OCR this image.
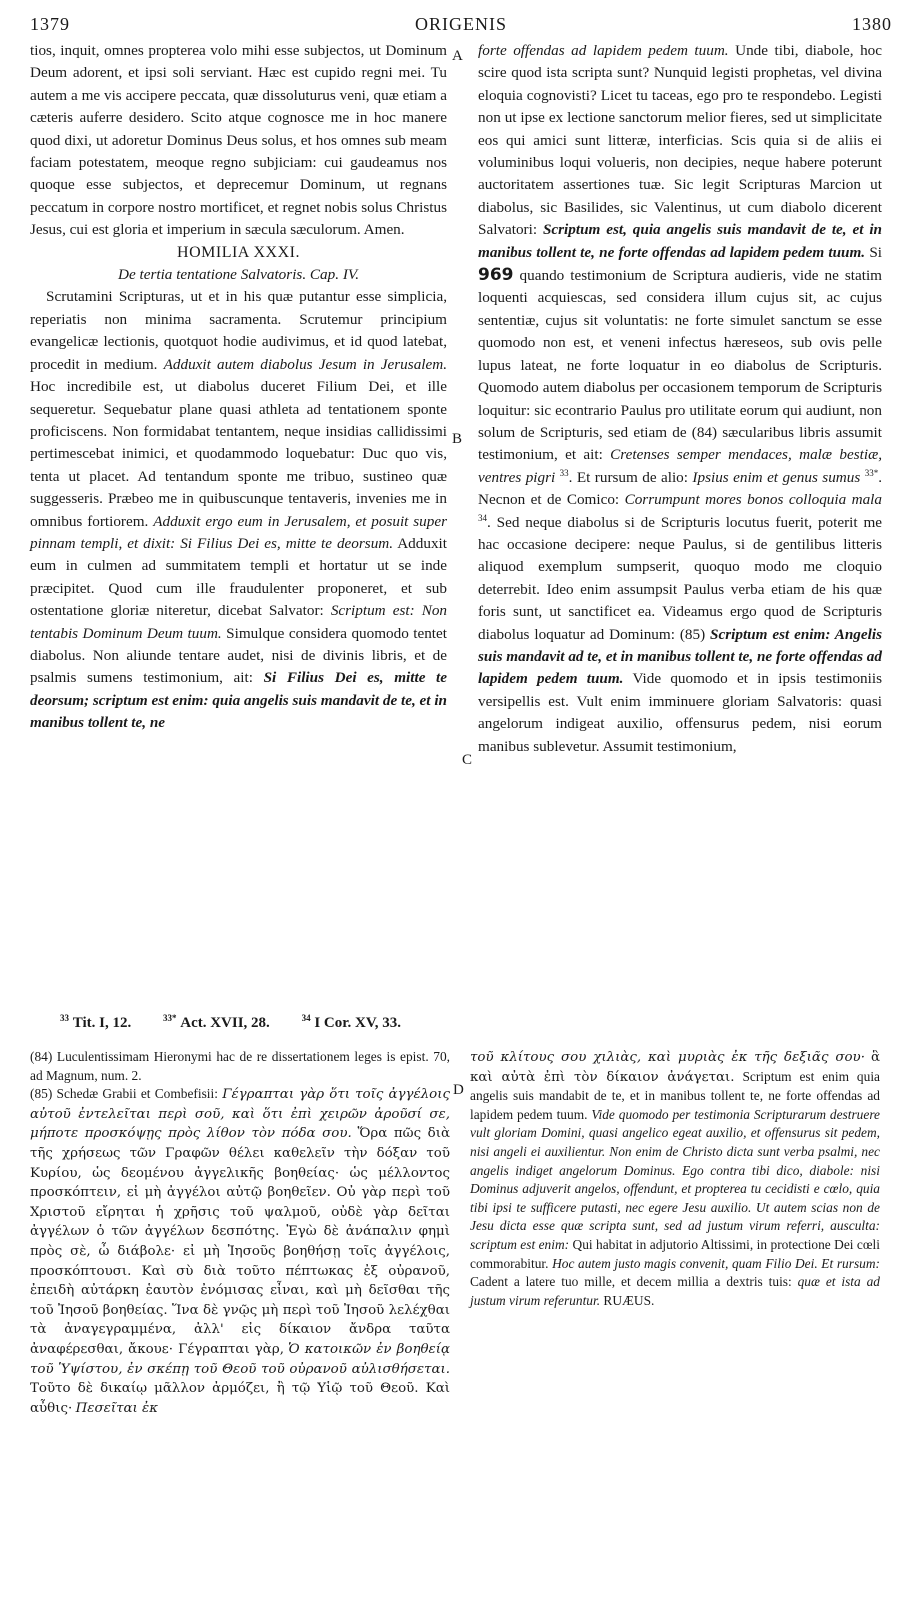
1379	ORIGENIS	1380

tios, inquit, omnes propterea volo mihi esse subjectos, ut Dominum Deum adorent, et ipsi soli serviant. Hæc est cupido regni mei. Tu autem a me vis accipere peccata, quæ dissoluturus veni, quæ etiam a cæteris auferre desidero. Scito atque cognosce me in hoc manere quod dixi, ut adoretur Dominus Deus solus, et hos omnes sub meam faciam potestatem, meoque regno subjiciam: cui gaudeamus nos quoque esse subjectos, et deprecemur Dominum, ut regnans peccatum in corpore nostro mortificet, et regnet nobis solus Christus Jesus, cui est gloria et imperium in sæcula sæculorum. Amen.

HOMILIA XXXI.

De tertia tentatione Salvatoris. Cap. IV.

Scrutamini Scripturas, ut et in his quæ putantur esse simplicia, reperiatis non minima sacramenta. Scrutemur principium evangelicæ lectionis, quotquot hodie audivimus, et id quod latebat, procedit in medium. Adduxit autem diabolus Jesum in Jerusalem. Hoc incredibile est, ut diabolus duceret Filium Dei, et ille sequeretur. Sequebatur plane quasi athleta ad tentationem sponte proficiscens. Non formidabat tentantem, neque insidias callidissimi pertimescebat inimici, et quodammodo loquebatur: Duc quo vis, tenta ut placet. Ad tentandum sponte me tribuo, sustineo quæ suggesseris. Præbeo me in quibuscunque tentaveris, invenies me in omnibus fortiorem. Adduxit ergo eum in Jerusalem, et posuit super pinnam templi, et dixit: Si Filius Dei es, mitte te deorsum. Adduxit eum in culmen ad summitatem templi et hortatur ut se inde præcipitet. Quod cum ille fraudulenter proponeret, et sub ostentatione gloriæ niteretur, dicebat Salvator: Scriptum est: Non tentabis Dominum Deum tuum. Simulque considera quomodo tentet diabolus. Non aliunde tentare audet, nisi de divinis libris, et de psalmis sumens testimonium, ait: Si Filius Dei es, mitte te deorsum; scriptum est enim: quia angelis suis mandavit de te, et in manibus tollent te, ne

A
B
C
D

forte offendas ad lapidem pedem tuum. Unde tibi, diabole, hoc scire quod ista scripta sunt? Nunquid legisti prophetas, vel divina eloquia cognovisti? Licet tu taceas, ego pro te respondebo. Legisti non ut ipse ex lectione sanctorum melior fieres, sed ut simplicitate eos qui amici sunt litteræ, interficias. Scis quia si de aliis ei voluminibus loqui volueris, non decipies, neque habere poterunt auctoritatem assertiones tuæ. Sic legit Scripturas Marcion ut diabolus, sic Basilides, sic Valentinus, ut cum diabolo dicerent Salvatori: Scriptum est, quia angelis suis mandavit de te, et in manibus tollent te, ne forte offendas ad lapidem pedem tuum. Si 969 quando testimonium de Scriptura audieris, vide ne statim loquenti acquiescas, sed considera illum cujus sit, ac cujus sententiæ, cujus sit voluntatis: ne forte simulet sanctum se esse quomodo non est, et veneni infectus hæreseos, sub ovis pelle lupus lateat, ne forte loquatur in eo diabolus de Scripturis. Quomodo autem diabolus per occasionem temporum de Scripturis loquitur: sic econtrario Paulus pro utilitate eorum qui audiunt, non solum de Scripturis, sed etiam de (84) sæcularibus libris assumit testimonium, et ait: Cretenses semper mendaces, malæ bestiæ, ventres pigri $^{33}$. Et rursum de alio: Ipsius enim et genus sumus $^{33*}$. Necnon et de Comico: Corrumpunt mores bonos colloquia mala $^{34}$. Sed neque diabolus si de Scripturis locutus fuerit, poterit me hac occasione decipere: neque Paulus, si de gentilibus litteris aliquod exemplum sumpserit, quoquo modo me cloquio deterrebit. Ideo enim assumpsit Paulus verba etiam de his quæ foris sunt, ut sanctificet ea. Videamus ergo quod de Scripturis diabolus loquatur ad Dominum: (85) Scriptum est enim: Angelis suis mandavit ad te, et in manibus tollent te, ne forte offendas ad lapidem pedem tuum. Vide quomodo et in ipsis testimoniis versipellis est. Vult enim imminuere gloriam Salvatoris: quasi angelorum indigeat auxilio, offensurus pedem, nisi eorum manibus sublevetur. Assumit testimonium,

$^{33}$ Tit. I, 12.	$^{33*}$ Act. XVII, 28.	$^{34}$ I Cor. XV, 33.

(84) Luculentissimam Hieronymi hac de re dissertationem leges is epist. 70, ad Magnum, num. 2.

(85) Schedæ Grabii et Combefisii: Γέγραπται γὰρ ὅτι τοῖς ἀγγέλοις αὐτοῦ ἐντελεῖται περὶ σοῦ, καὶ ὅτι ἐπὶ χειρῶν ἀροῦσί σε, μήποτε προσκόψῃς πρὸς λίθον τὸν πόδα σου. Ὅρα πῶς διὰ τῆς χρήσεως τῶν Γραφῶν θέλει καθελεῖν τὴν δόξαν τοῦ Κυρίου, ὡς δεομένου ἀγγελικῆς βοηθείας· ὡς μέλλοντος προσκόπτειν, εἰ μὴ ἀγγέλοι αὐτῷ βοηθεῖεν. Οὐ γὰρ περὶ τοῦ Χριστοῦ εἴρηται ἡ χρῆσις τοῦ ψαλμοῦ, οὐδὲ γὰρ δεῖται ἀγγέλων ὁ τῶν ἀγγέλων δεσπότης. Ἐγὼ δὲ ἀνάπαλιν φημὶ πρὸς σὲ, ὦ διάβολε· εἰ μὴ Ἰησοῦς βοηθήσῃ τοῖς ἀγγέλοις, προσκόπτουσι. Καὶ σὺ διὰ τοῦτο πέπτωκας ἐξ οὐρανοῦ, ἐπειδὴ αὐτάρκη ἑαυτὸν ἐνόμισας εἶναι, καὶ μὴ δεῖσθαι τῆς τοῦ Ἰησοῦ βοηθείας. Ἵνα δὲ γνῷς μὴ περὶ τοῦ Ἰησοῦ λελέχθαι τὰ ἀναγεγραμμένα, ἀλλ' εἰς δίκαιον ἄνδρα ταῦτα ἀναφέρεσθαι, ἄκουε· Γέγραπται γὰρ, Ὁ κατοικῶν ἐν βοηθείᾳ τοῦ Ὑψίστου, ἐν σκέπῃ τοῦ Θεοῦ τοῦ οὐρανοῦ αὐλισθήσεται. Τοῦτο δὲ δικαίῳ μᾶλλον ἀρμόζει, ἢ τῷ Υἱῷ τοῦ Θεοῦ. Καὶ αὖθις· Πεσεῖται ἐκ

τοῦ κλίτους σου χιλιὰς, καὶ μυριὰς ἐκ τῆς δεξιᾶς σου· ἃ καὶ αὐτὰ ἐπὶ τὸν δίκαιον ἀνάγεται. Scriptum est enim quia angelis suis mandabit de te, et in manibus tollent te, ne forte offendas ad lapidem pedem tuum. Vide quomodo per testimonia Scripturarum destruere vult gloriam Domini, quasi angelico egeat auxilio, et offensurus sit pedem, nisi angeli ei auxilientur. Non enim de Christo dicta sunt verba psalmi, nec angelis indiget angelorum Dominus. Ego contra tibi dico, diabole: nisi Dominus adjuverit angelos, offendunt, et propterea tu cecidisti e cœlo, quia tibi ipsi te sufficere putasti, nec egere Jesu auxilio. Ut autem scias non de Jesu dicta esse quæ scripta sunt, sed ad justum virum referri, ausculta: scriptum est enim: Qui habitat in adjutorio Altissimi, in protectione Dei cœli commorabitur. Hoc autem justo magis convenit, quam Filio Dei. Et rursum: Cadent a latere tuo mille, et decem millia a dextris tuis: quæ et ista ad justum virum referuntur. RUÆUS.
